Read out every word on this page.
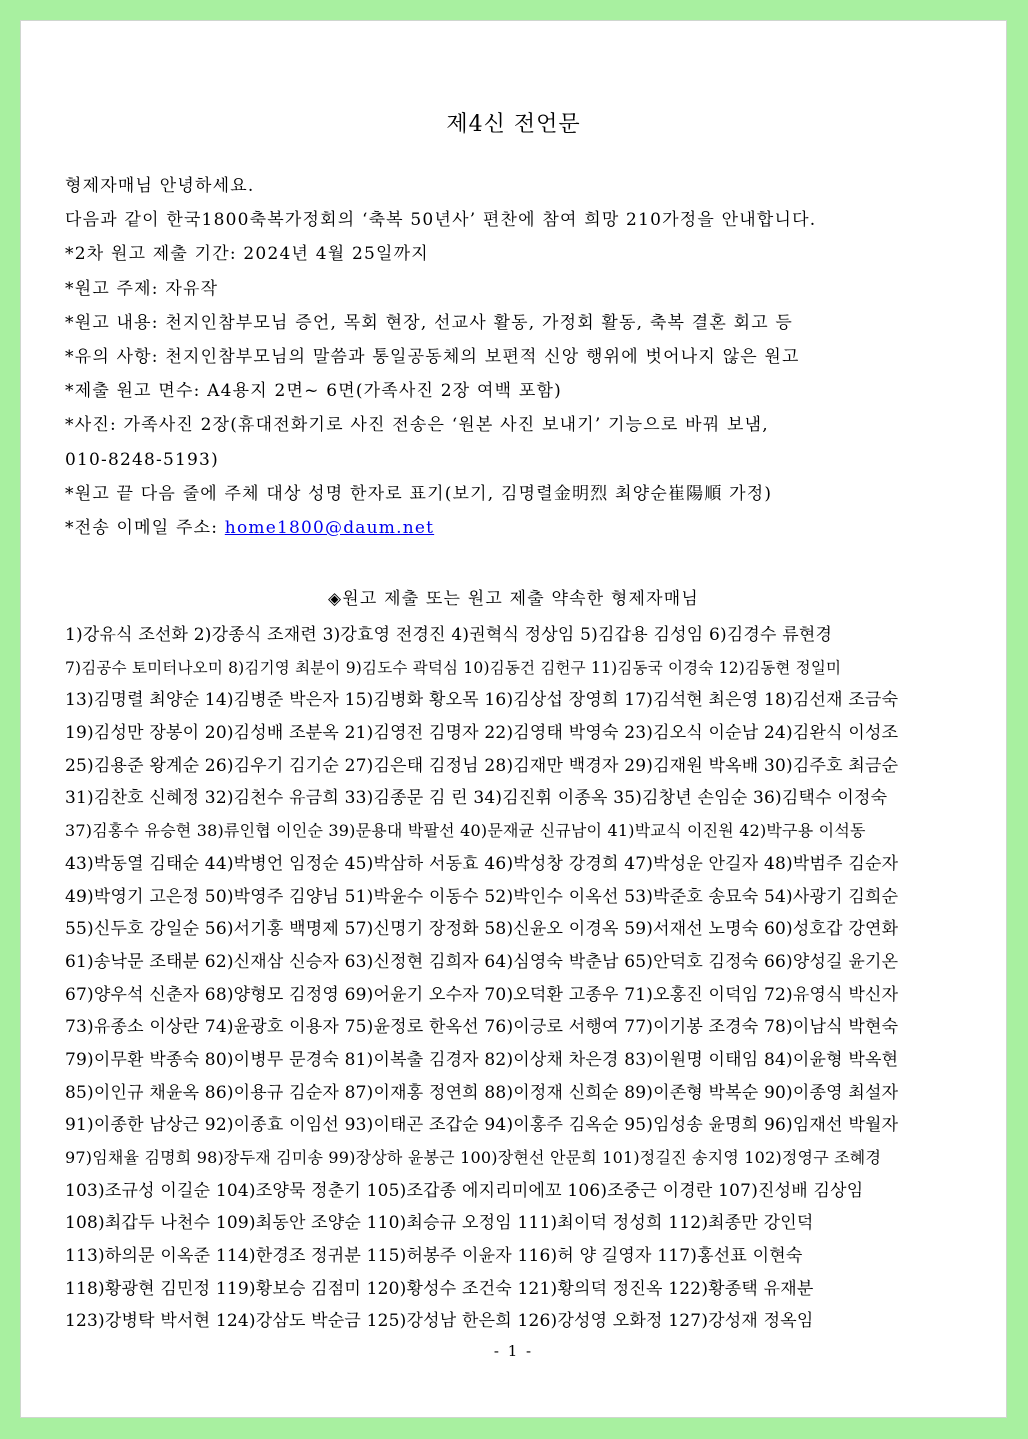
제4신 전언문
형제자매님 안녕하세요.
다음과 같이 한국1800축복가정회의 ‘축복 50년사’ 편찬에 참여 희망 210가정을 안내합니다.
*2차 원고 제출 기간: 2024년 4월 25일까지
*원고 주제: 자유작
*원고 내용: 천지인참부모님 증언, 목회 현장, 선교사 활동, 가정회 활동, 축복 결혼 회고 등
*유의 사항: 천지인참부모님의 말씀과 통일공동체의 보편적 신앙 행위에 벗어나지 않은 원고
*제출 원고 면수: A4용지 2면~ 6면(가족사진 2장 여백 포함)
*사진: 가족사진 2장(휴대전화기로 사진 전송은 ‘원본 사진 보내기’ 기능으로 바꿔 보냄,
010-8248-5193)
*원고 끝 다음 줄에 주체 대상 성명 한자로 표기(보기, 김명렬金明烈 최양순崔陽順 가정)
*전송 이메일 주소: home1800@daum.net
◈원고 제출 또는 원고 제출 약속한 형제자매님
1)강유식 조선화 2)강종식 조재련 3)강효영 전경진 4)권혁식 정상임 5)김갑용 김성임 6)김경수 류현경
7)김공수 토미터나오미 8)김기영 최분이 9)김도수 곽덕심 10)김동건 김헌구 11)김동국 이경숙 12)김동현 정일미
13)김명렬 최양순 14)김병준 박은자 15)김병화 황오목 16)김상섭 장영희 17)김석현 최은영 18)김선재 조금숙
19)김성만 장봉이 20)김성배 조분옥 21)김영전 김명자 22)김영태 박영숙 23)김오식 이순남 24)김완식 이성조
25)김용준 왕계순 26)김우기 김기순 27)김은태 김정님 28)김재만 백경자 29)김재원 박옥배 30)김주호 최금순
31)김찬호 신혜정 32)김천수 유금희 33)김종문 김 린 34)김진휘 이종옥 35)김창년 손임순 36)김택수 이정숙
37)김홍수 유승현 38)류인협 이인순 39)문용대 박팔선 40)문재균 신규남이 41)박교식 이진원 42)박구용 이석동
43)박동열 김태순 44)박병언 임정순 45)박삼하 서동효 46)박성창 강경희 47)박성운 안길자 48)박범주 김순자
49)박영기 고은정 50)박영주 김양님 51)박윤수 이동수 52)박인수 이옥선 53)박준호 송묘숙 54)사광기 김희순
55)신두호 강일순 56)서기홍 백명제 57)신명기 장정화 58)신윤오 이경옥 59)서재선 노명숙 60)성호갑 강연화
61)송낙문 조태분 62)신재삼 신승자 63)신정현 김희자 64)심영숙 박춘남 65)안덕호 김정숙 66)양성길 윤기온
67)양우석 신춘자 68)양형모 김정영 69)어윤기 오수자 70)오덕환 고종우 71)오홍진 이덕임 72)유영식 박신자
73)유종소 이상란 74)윤광호 이용자 75)윤정로 한옥선 76)이긍로 서행여 77)이기봉 조경숙 78)이남식 박현숙
79)이무환 박종숙 80)이병무 문경숙 81)이복출 김경자 82)이상채 차은경 83)이원명 이태임 84)이윤형 박옥현
85)이인규 채윤옥 86)이용규 김순자 87)이재홍 정연희 88)이정재 신희순 89)이존형 박복순 90)이종영 최설자
91)이종한 남상근 92)이종효 이임선 93)이태곤 조갑순 94)이홍주 김옥순 95)임성송 윤명희 96)임재선 박월자
97)임채율 김명희 98)장두재 김미송 99)장상하 윤봉근 100)장현선 안문희 101)정길진 송지영 102)정영구 조혜경
103)조규성 이길순 104)조양묵 정춘기 105)조갑종 에지리미에꼬 106)조중근 이경란 107)진성배 김상임
108)최갑두 나천수 109)최동안 조양순 110)최승규 오정임 111)최이덕 정성희 112)최종만 강인덕
113)하의문 이옥준 114)한경조 정귀분 115)허봉주 이윤자 116)허 양 길영자 117)홍선표 이현숙
118)황광현 김민정 119)황보승 김점미 120)황성수 조건숙 121)황의덕 정진옥 122)황종택 유재분
123)강병탁 박서현 124)강삼도 박순금 125)강성남 한은희 126)강성영 오화정 127)강성재 정옥임
- 1 -
